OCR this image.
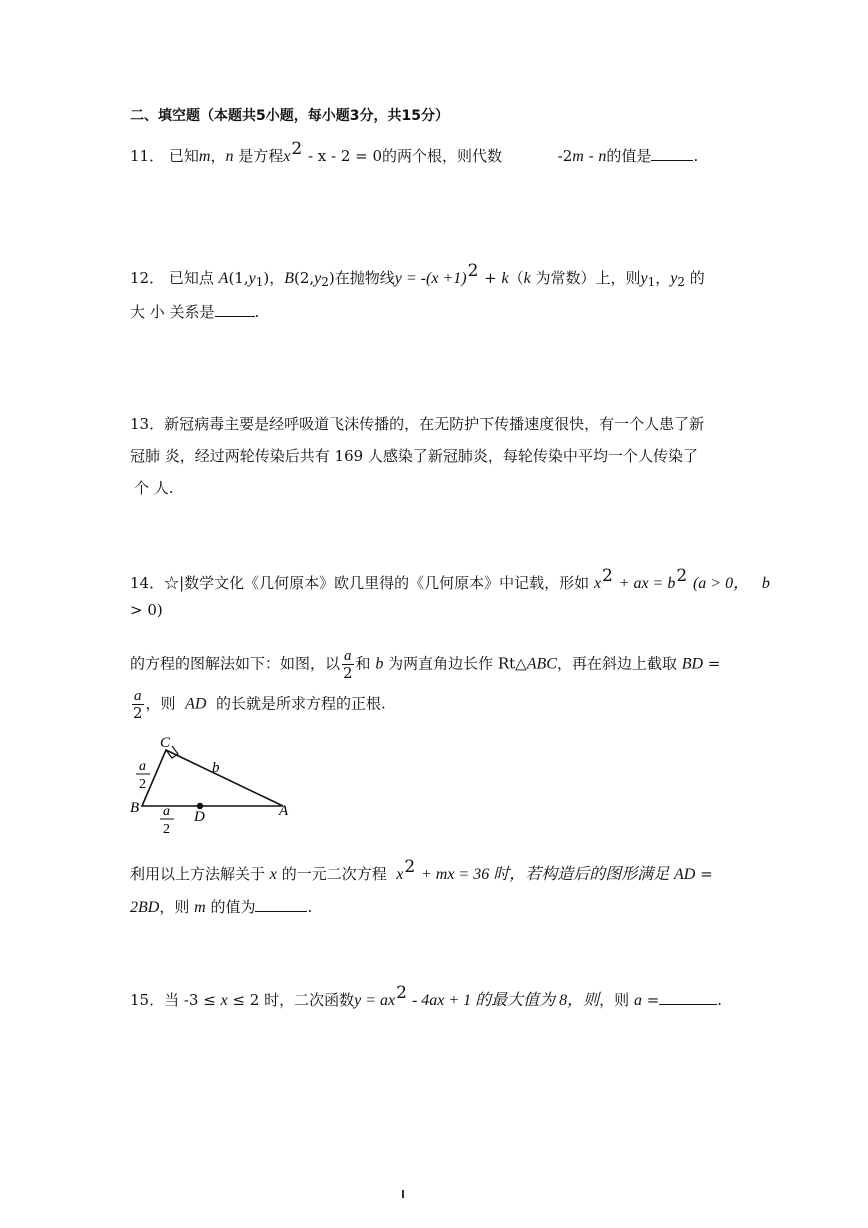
二、填空题（本题共5小题，每小题3分，共15分）
11． 已知m，n 是方程x2 - x - 2 = 0的两个根，则代数	-2m - n的值是	.
12． 已知点 $A(1,y_1)$，$B(2,y_2)$在抛物线y = -(x +1)2 + k（k 为常数）上，则$y_1$，$y_2$ 的
大 小 关系是	.
13．新冠病毒主要是经呼吸道飞沫传播的，在无防护下传播速度很快，有一个人患了新
冠肺 炎，经过两轮传染后共有 169 人感染了新冠肺炎，每轮传染中平均一个人传染了
个 人.
14．☆|数学文化《几何原本》欧几里得的《几何原本》中记载，形如 x2 + ax = b2 (a > 0， b
> 0)
的方程的图解法如下：如图，以 $\frac{a}{2}$ 和 b 为两直角边长作 Rt△ABC，再在斜边上截取 BD =
$\frac{a}{2}$ ，则 AD 的长就是所求方程的正根.
C
B	A
D
b
a
2
a
2
利用以上方法解关于 x 的一元二次方程 x2 + mx = 36 时，若构造后的图形满足 AD =
2BD，则 m 的值为	.
15．当 -3 ≤ x ≤ 2 时，二次函数y = ax2 - 4ax + 1 的最大值为 8，则，则 a =	.
